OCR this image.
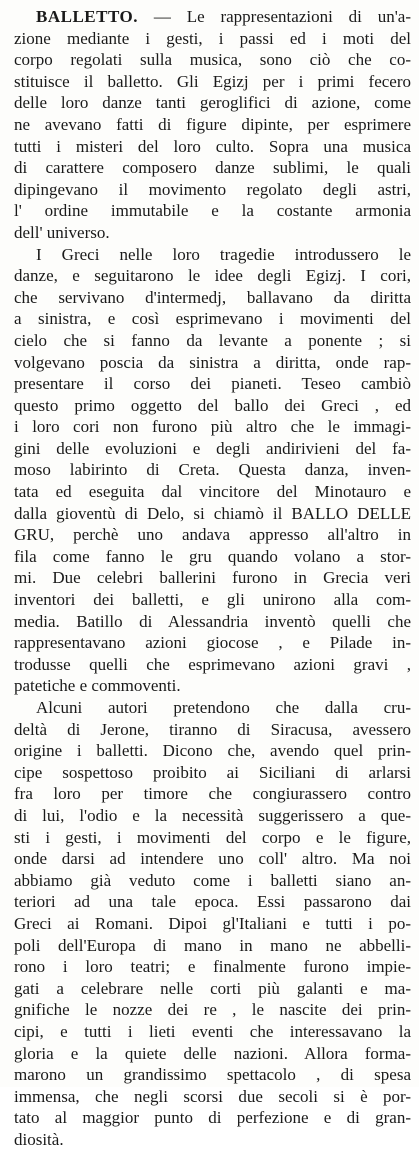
BALLETTO. — Le rappresentazioni di un'a-
zione mediante i gesti, i passi ed i moti del
corpo regolati sulla musica, sono ciò che co-
stituisce il balletto. Gli Egizj per i primi fecero
delle loro danze tanti geroglifici di azione, come
ne avevano fatti di figure dipinte, per esprimere
tutti i misteri del loro culto. Sopra una musica
di carattere composero danze sublimi, le quali
dipingevano il movimento regolato degli astri,
l' ordine immutabile e la costante armonia
dell' universo.
I Greci nelle loro tragedie introdussero le
danze, e seguitarono le idee degli Egizj. I cori,
che servivano d'intermedj, ballavano da diritta
a sinistra, e così esprimevano i movimenti del
cielo che si fanno da levante a ponente ; si
volgevano poscia da sinistra a diritta, onde rap-
presentare il corso dei pianeti. Teseo cambiò
questo primo oggetto del ballo dei Greci , ed
i loro cori non furono più altro che le immagi-
gini delle evoluzioni e degli andirivieni del fa-
moso labirinto di Creta. Questa danza, inven-
tata ed eseguita dal vincitore del Minotauro e
dalla gioventù di Delo, si chiamò il BALLO DELLE
GRU, perchè uno andava appresso all'altro in
fila come fanno le gru quando volano a stor-
mi. Due celebri ballerini furono in Grecia veri
inventori dei balletti, e gli unirono alla com-
media. Batillo di Alessandria inventò quelli che
rappresentavano azioni giocose , e Pilade in-
trodusse quelli che esprimevano azioni gravi ,
patetiche e commoventi.
Alcuni autori pretendono che dalla cru-
deltà di Jerone, tiranno di Siracusa, avessero
origine i balletti. Dicono che, avendo quel prin-
cipe sospettoso proibito ai Siciliani di arlarsi
fra loro per timore che congiurassero contro
di lui, l'odio e la necessità suggerissero a que-
sti i gesti, i movimenti del corpo e le figure,
onde darsi ad intendere uno coll' altro. Ma noi
abbiamo già veduto come i balletti siano an-
teriori ad una tale epoca. Essi passarono dai
Greci ai Romani. Dipoi gl'Italiani e tutti i po-
poli dell'Europa di mano in mano ne abbelli-
rono i loro teatri; e finalmente furono impie-
gati a celebrare nelle corti più galanti e ma-
gnifiche le nozze dei re , le nascite dei prin-
cipi, e tutti i lieti eventi che interessavano la
gloria e la quiete delle nazioni. Allora forma-
marono un grandissimo spettacolo , di spesa
immensa, che negli scorsi due secoli si è por-
tato al maggior punto di perfezione e di gran-
diosità.
